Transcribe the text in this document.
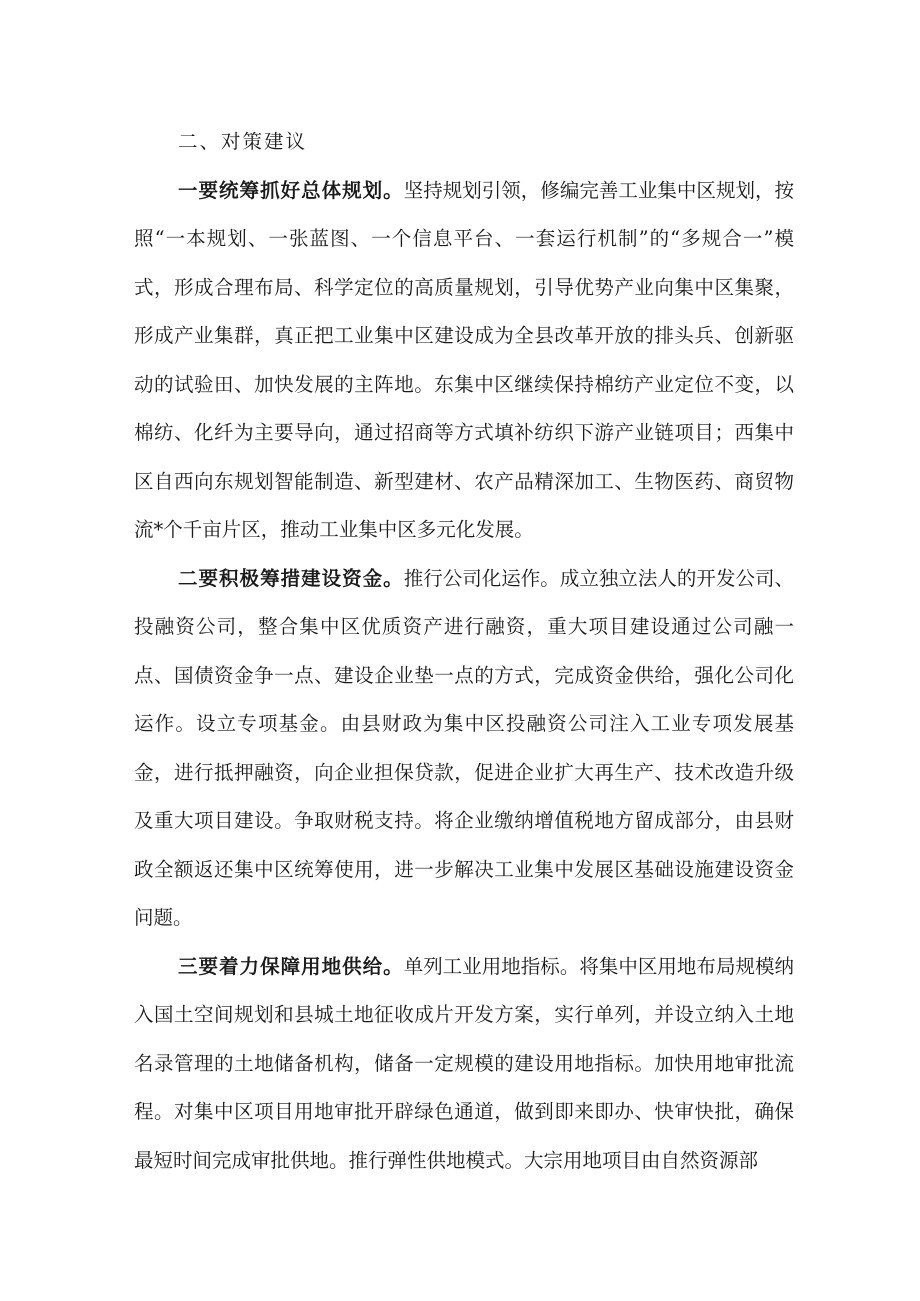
二、对策建议

一要统筹抓好总体规划。坚持规划引领，修编完善工业集中区规划，按照“一本规划、一张蓝图、一个信息平台、一套运行机制”的“多规合一”模式，形成合理布局、科学定位的高质量规划，引导优势产业向集中区集聚，形成产业集群，真正把工业集中区建设成为全县改革开放的排头兵、创新驱动的试验田、加快发展的主阵地。东集中区继续保持棉纺产业定位不变，以棉纺、化纤为主要导向，通过招商等方式填补纺织下游产业链项目；西集中区自西向东规划智能制造、新型建材、农产品精深加工、生物医药、商贸物流*个千亩片区，推动工业集中区多元化发展。

二要积极筹措建设资金。推行公司化运作。成立独立法人的开发公司、投融资公司，整合集中区优质资产进行融资，重大项目建设通过公司融一点、国债资金争一点、建设企业垫一点的方式，完成资金供给，强化公司化运作。设立专项基金。由县财政为集中区投融资公司注入工业专项发展基金，进行抵押融资，向企业担保贷款，促进企业扩大再生产、技术改造升级及重大项目建设。争取财税支持。将企业缴纳增值税地方留成部分，由县财政全额返还集中区统筹使用，进一步解决工业集中发展区基础设施建设资金问题。

三要着力保障用地供给。单列工业用地指标。将集中区用地布局规模纳入国土空间规划和县城土地征收成片开发方案，实行单列，并设立纳入土地名录管理的土地储备机构，储备一定规模的建设用地指标。加快用地审批流程。对集中区项目用地审批开辟绿色通道，做到即来即办、快审快批，确保最短时间完成审批供地。推行弹性供地模式。大宗用地项目由自然资源部
